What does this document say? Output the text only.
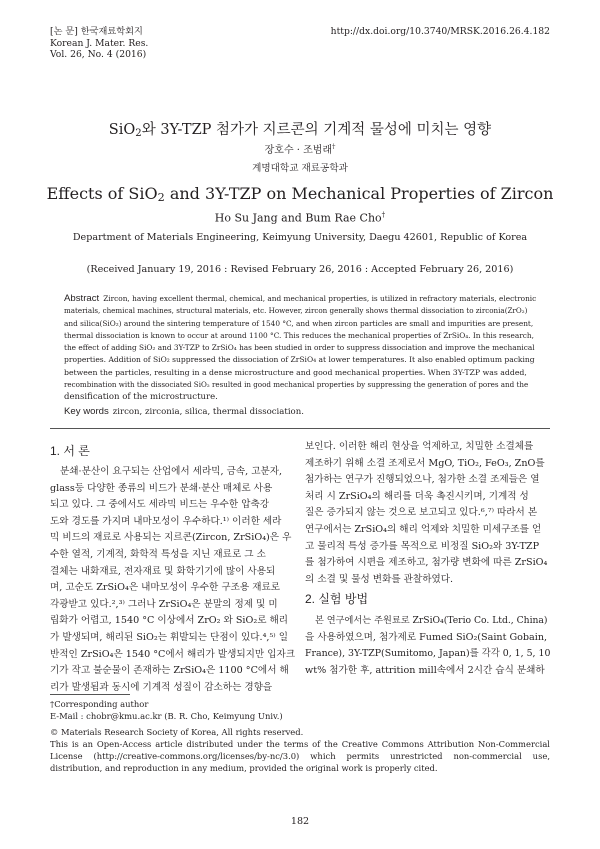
[논 문] 한국재료학회지
Korean J. Mater. Res.
Vol. 26, No. 4 (2016)
http://dx.doi.org/10.3740/MRSK.2016.26.4.182
SiO$_2$와 3Y-TZP 첨가가 지르콘의 기계적 물성에 미치는 영향
장호수 · 조범래†
계명대학교 재료공학과
Effects of SiO$_2$ and 3Y-TZP on Mechanical Properties of Zircon
Ho Su Jang and Bum Rae Cho†
Department of Materials Engineering, Keimyung University, Daegu 42601, Republic of Korea
(Received January 19, 2016 : Revised February 26, 2016 : Accepted February 26, 2016)
Abstract Zircon, having excellent thermal, chemical, and mechanical properties, is utilized in refractory materials, electronic
materials, chemical machines, structural materials, etc. However, zircon generally shows thermal dissociation to zirconia(ZrO₂)
and silica(SiO₂) around the sintering temperature of 1540 °C, and when zircon particles are small and impurities are present,
thermal dissociation is known to occur at around 1100 °C. This reduces the mechanical properties of ZrSiO₄. In this research,
the effect of adding SiO₂ and 3Y-TZP to ZrSiO₄ has been studied in order to suppress dissociation and improve the mechanical
properties. Addition of SiO₂ suppressed the dissociation of ZrSiO₄ at lower temperatures. It also enabled optimum packing
between the particles, resulting in a dense microstructure and good mechanical properties. When 3Y-TZP was added,
recombination with the dissociated SiO₂ resulted in good mechanical properties by suppressing the generation of pores and the
densification of the microstructure.
Key words zircon, zirconia, silica, thermal dissociation.
1. 서 론
분쇄·분산이 요구되는 산업에서 세라믹, 금속, 고분자,
glass등 다양한 종류의 비드가 분쇄·분산 매체로 사용
되고 있다. 그 중에서도 세라믹 비드는 우수한 압축강
도와 경도를 가지며 내마모성이 우수하다.¹⁾ 이러한 세라
믹 비드의 재료로 사용되는 지르콘(Zircon, ZrSiO₄)은 우
수한 열적, 기계적, 화학적 특성을 지닌 재료로 그 소
결체는 내화재료, 전자재료 및 화학기기에 많이 사용되
며, 고순도 ZrSiO₄은 내마모성이 우수한 구조용 재료로
각광받고 있다.²,³⁾ 그러나 ZrSiO₄은 분말의 정제 및 미
립화가 어렵고, 1540 °C 이상에서 ZrO₂ 와 SiO₂로 해리
가 발생되며, 해리된 SiO₂는 휘발되는 단점이 있다.⁴,⁵⁾ 일
반적인 ZrSiO₄은 1540 °C에서 해리가 발생되지만 입자크
기가 작고 불순물이 존재하는 ZrSiO₄은 1100 °C에서 해
리가 발생됨과 동시에 기계적 성질이 감소하는 경향을
보인다. 이러한 해리 현상을 억제하고, 치밀한 소결체를
제조하기 위해 소결 조제로서 MgO, TiO₂, FeO₃, ZnO를
첨가하는 연구가 진행되었으나, 첨가한 소결 조제들은 열
처리 시 ZrSiO₄의 해리를 더욱 촉진시키며, 기계적 성
질은 증가되지 않는 것으로 보고되고 있다.⁶,⁷⁾ 따라서 본
연구에서는 ZrSiO₄의 해리 억제와 치밀한 미세구조를 얻
고 물리적 특성 증가를 목적으로 비정질 SiO₂와 3Y-TZP
를 첨가하여 시편을 제조하고, 첨가량 변화에 따른 ZrSiO₄
의 소결 및 물성 변화를 관찰하였다.
2. 실험 방법
본 연구에서는 주원료로 ZrSiO₄(Terio Co. Ltd., China)
을 사용하였으며, 첨가제로 Fumed SiO₂(Saint Gobain,
France), 3Y-TZP(Sumitomo, Japan)를 각각 0, 1, 5, 10
wt% 첨가한 후, attrition mill속에서 2시간 습식 분쇄하
†Corresponding author
E-Mail : chobr@kmu.ac.kr (B. R. Cho, Keimyung Univ.)
© Materials Research Society of Korea, All rights reserved.
This is an Open-Access article distributed under the terms of the Creative Commons Attribution Non-Commercial License (http://creative-commons.org/licenses/by-nc/3.0) which permits unrestricted non-commercial use, distribution, and reproduction in any medium, provided the original work is properly cited.
182
